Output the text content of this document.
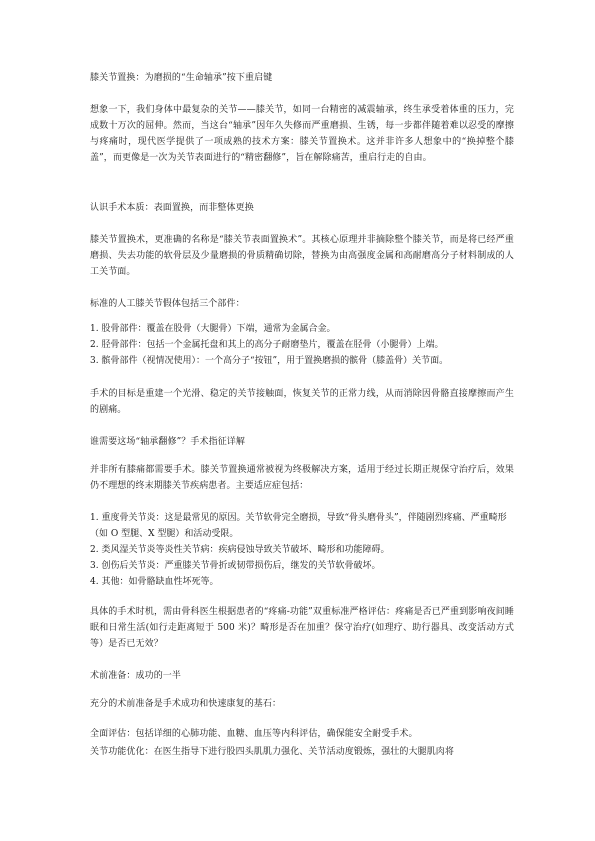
膝关节置换：为磨损的“生命轴承”按下重启键

想象一下，我们身体中最复杂的关节——膝关节，如同一台精密的减震轴承，终生承受着体重的压力，完成数十万次的屈伸。然而，当这台“轴承”因年久失修而严重磨损、生锈，每一步都伴随着难以忍受的摩擦与疼痛时，现代医学提供了一项成熟的技术方案：膝关节置换术。这并非许多人想象中的“换掉整个膝盖”，而更像是一次为关节表面进行的“精密翻修”，旨在解除痛苦，重启行走的自由。

认识手术本质：表面置换，而非整体更换

膝关节置换术，更准确的名称是“膝关节表面置换术”。其核心原理并非摘除整个膝关节，而是将已经严重磨损、失去功能的软骨层及少量磨损的骨质精确切除，替换为由高强度金属和高耐磨高分子材料制成的人工关节面。

标准的人工膝关节假体包括三个部件：

1. 股骨部件：覆盖在股骨（大腿骨）下端，通常为金属合金。

2. 胫骨部件：包括一个金属托盘和其上的高分子耐磨垫片，覆盖在胫骨（小腿骨）上端。

3. 髌骨部件（视情况使用）：一个高分子“按钮”，用于置换磨损的髌骨（膝盖骨）关节面。

手术的目标是重建一个光滑、稳定的关节接触面，恢复关节的正常力线，从而消除因骨骼直接摩擦而产生的剧痛。

谁需要这场“轴承翻修”？手术指征详解

并非所有膝痛都需要手术。膝关节置换通常被视为终极解决方案，适用于经过长期正规保守治疗后，效果仍不理想的终末期膝关节疾病患者。主要适应症包括：

1. 重度骨关节炎：这是最常见的原因。关节软骨完全磨损，导致“骨头磨骨头”，伴随剧烈疼痛、严重畸形（如 O 型腿、X 型腿）和活动受限。

2. 类风湿关节炎等炎性关节病：疾病侵蚀导致关节破坏、畸形和功能障碍。

3. 创伤后关节炎：严重膝关节骨折或韧带损伤后，继发的关节软骨破坏。

4. 其他：如骨骼缺血性坏死等。

具体的手术时机，需由骨科医生根据患者的“疼痛-功能”双重标准严格评估：疼痛是否已严重到影响夜间睡眠和日常生活(如行走距离短于 500 米)？畸形是否在加重？保守治疗(如理疗、助行器具、改变活动方式等）是否已无效？

术前准备：成功的一半

充分的术前准备是手术成功和快速康复的基石：

全面评估：包括详细的心肺功能、血糖、血压等内科评估，确保能安全耐受手术。

关节功能优化：在医生指导下进行股四头肌肌力强化、关节活动度锻炼，强壮的大腿肌肉将
